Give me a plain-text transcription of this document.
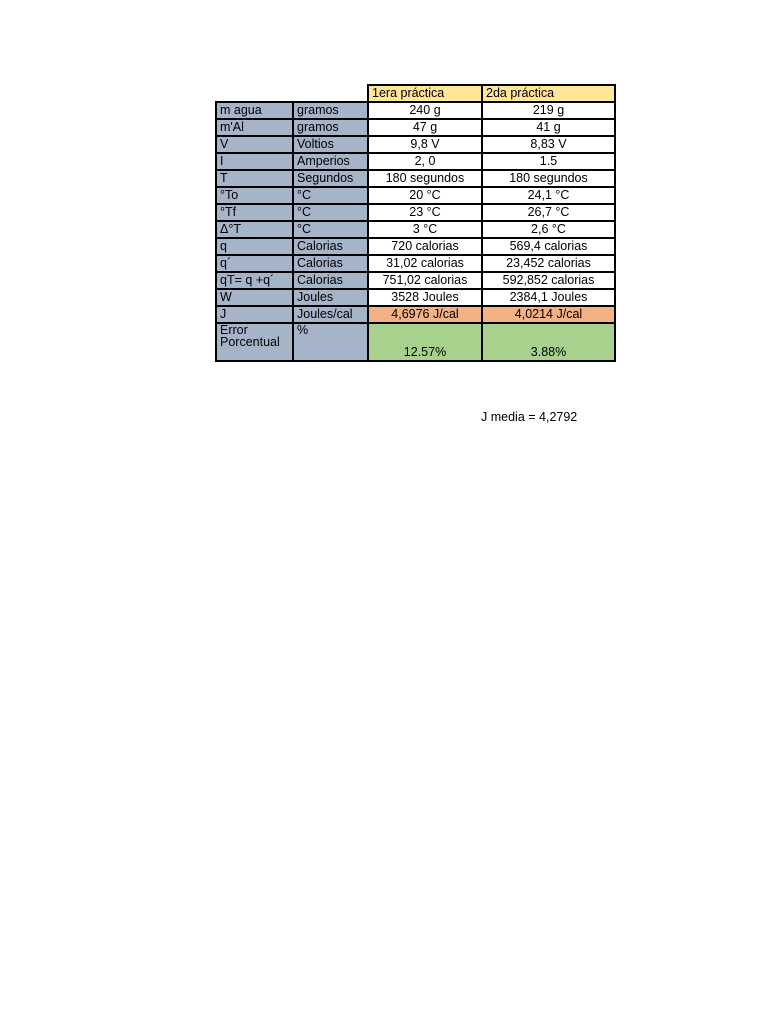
		1era práctica	2da práctica
m agua	gramos	240 g	219 g
m'Al	gramos	47 g	41 g
V	Voltios	9,8 V	8,83 V
I	Amperios	2, 0	1.5
T	Segundos	180 segundos	180 segundos
°To	°C	20 °C	24,1 °C
°Tf	°C	23 °C	26,7 °C
Δ°T	°C	3 °C	2,6 °C
q	Calorias	720 calorias	569,4 calorias
q´	Calorias	31,02 calorias	23,452 calorias
qT= q +q´	Calorias	751,02 calorias	592,852 calorias
W	Joules	3528 Joules	2384,1 Joules
J	Joules/cal	4,6976 J/cal	4,0214 J/cal
Error Porcentual	%	12.57%	3.88%
J media = 4,2792
